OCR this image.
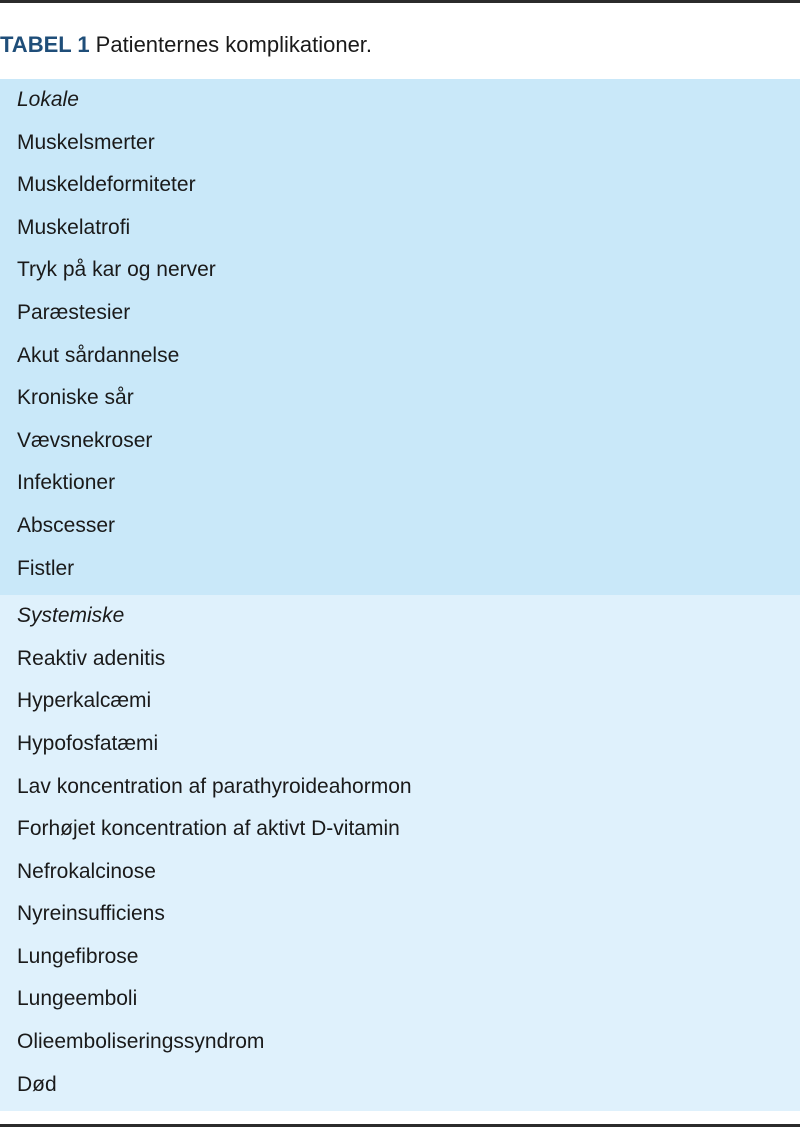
TABEL 1 Patienternes komplikationer.
Lokale
Muskelsmerter
Muskeldeformiteter
Muskelatrofi
Tryk på kar og nerver
Paræstesier
Akut sårdannelse
Kroniske sår
Vævsnekroser
Infektioner
Abscesser
Fistler
Systemiske
Reaktiv adenitis
Hyperkalcæmi
Hypofosfatæmi
Lav koncentration af parathyroideahormon
Forhøjet koncentration af aktivt D-vitamin
Nefrokalcinose
Nyreinsufficiens
Lungefibrose
Lungeemboli
Olieemboliseringssyndrom
Død
